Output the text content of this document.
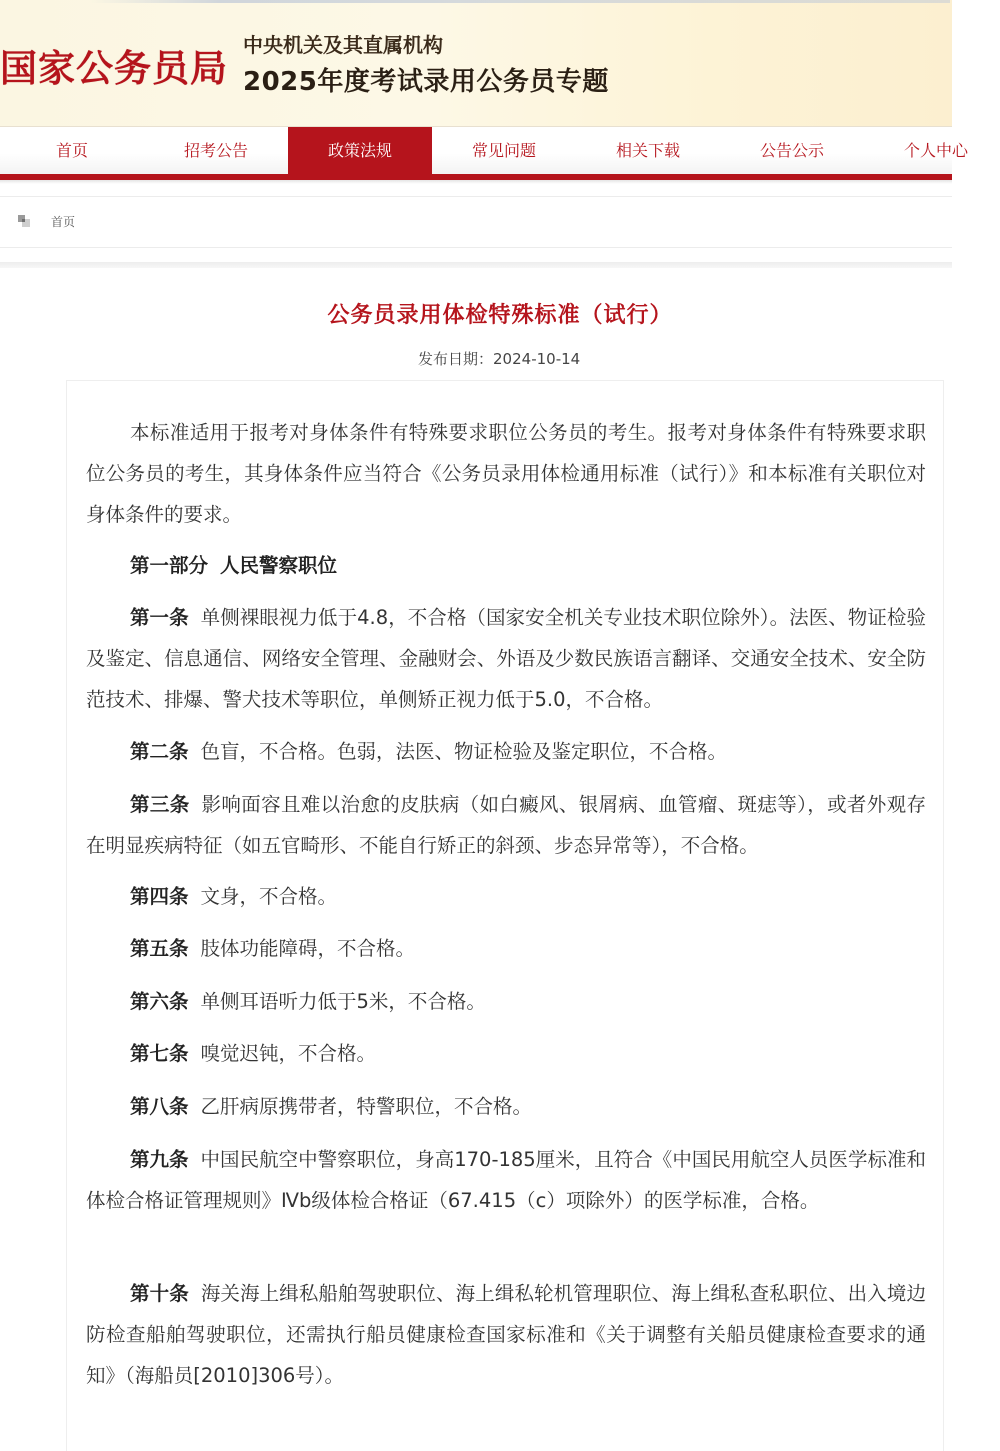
国家公务员局
中央机关及其直属机构
2025年度考试录用公务员专题
首页	招考公告	政策法规	常见问题	相关下载	公告公示	个人中心
首页
公务员录用体检特殊标准（试行）
发布日期：2024-10-14
本标准适用于报考对身体条件有特殊要求职位公务员的考生。报考对身体条件有特殊要求职位公务员的考生，其身体条件应当符合《公务员录用体检通用标准（试行）》和本标准有关职位对身体条件的要求。
第一部分 人民警察职位
第一条 单侧裸眼视力低于4.8，不合格（国家安全机关专业技术职位除外）。法医、物证检验及鉴定、信息通信、网络安全管理、金融财会、外语及少数民族语言翻译、交通安全技术、安全防范技术、排爆、警犬技术等职位，单侧矫正视力低于5.0，不合格。
第二条 色盲，不合格。色弱，法医、物证检验及鉴定职位，不合格。
第三条 影响面容且难以治愈的皮肤病（如白癜风、银屑病、血管瘤、斑痣等），或者外观存在明显疾病特征（如五官畸形、不能自行矫正的斜颈、步态异常等），不合格。
第四条 文身，不合格。
第五条 肢体功能障碍，不合格。
第六条 单侧耳语听力低于5米，不合格。
第七条 嗅觉迟钝，不合格。
第八条 乙肝病原携带者，特警职位，不合格。
第九条 中国民航空中警察职位，身高170-185厘米，且符合《中国民用航空人员医学标准和体检合格证管理规则》Ⅳb级体检合格证（67.415（c）项除外）的医学标准，合格。
第十条 海关海上缉私船舶驾驶职位、海上缉私轮机管理职位、海上缉私查私职位、出入境边防检查船舶驾驶职位，还需执行船员健康检查国家标准和《关于调整有关船员健康检查要求的通知》（海船员[2010]306号）。
